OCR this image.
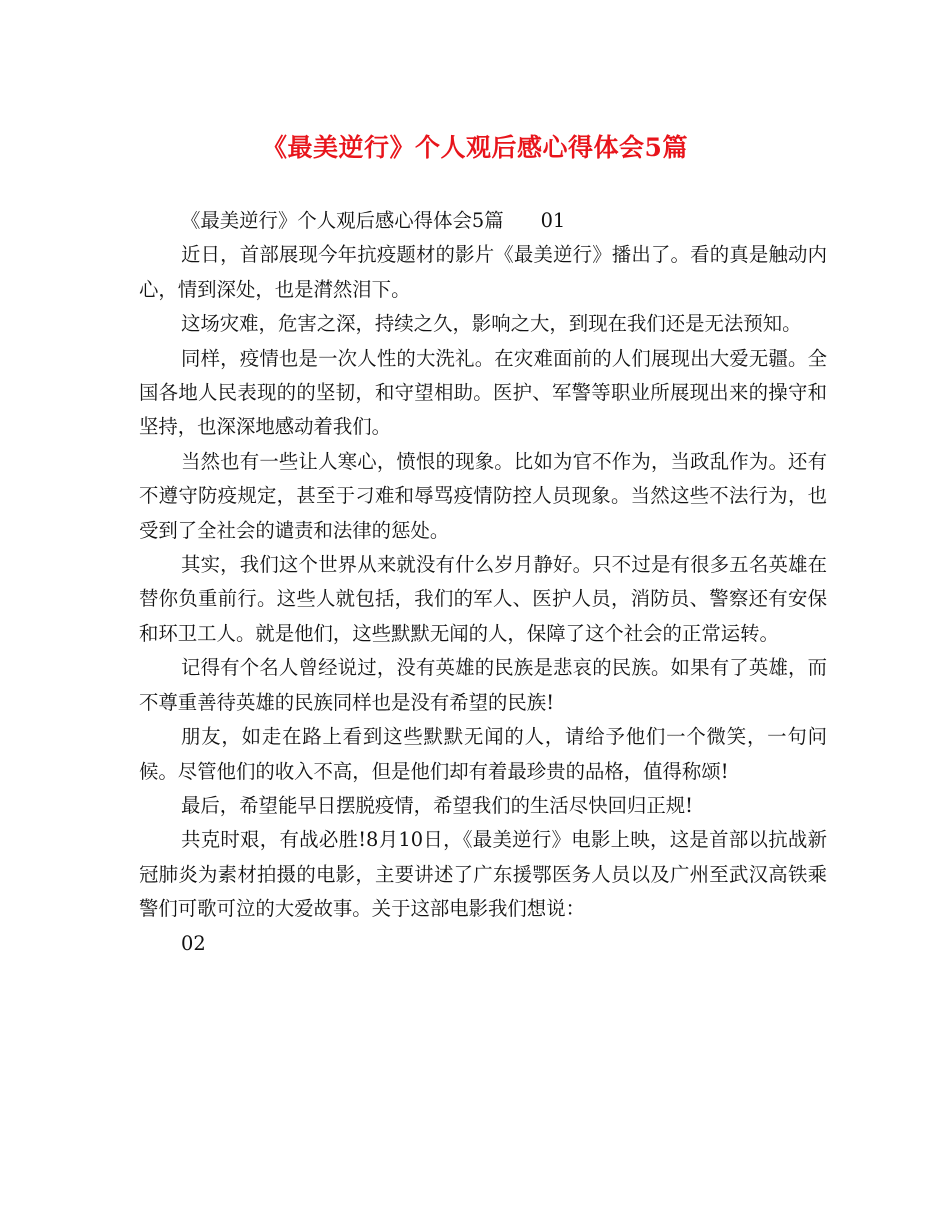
《最美逆行》个人观后感心得体会5篇

《最美逆行》个人观后感心得体会5篇      01

近日，首部展现今年抗疫题材的影片《最美逆行》播出了。看的真是触动内心，情到深处，也是潸然泪下。

这场灾难，危害之深，持续之久，影响之大，到现在我们还是无法预知。

同样，疫情也是一次人性的大洗礼。在灾难面前的人们展现出大爱无疆。全国各地人民表现的的坚韧，和守望相助。医护、军警等职业所展现出来的操守和坚持，也深深地感动着我们。

当然也有一些让人寒心，愤恨的现象。比如为官不作为，当政乱作为。还有不遵守防疫规定，甚至于刁难和辱骂疫情防控人员现象。当然这些不法行为，也受到了全社会的谴责和法律的惩处。

其实，我们这个世界从来就没有什么岁月静好。只不过是有很多五名英雄在替你负重前行。这些人就包括，我们的军人、医护人员，消防员、警察还有安保和环卫工人。就是他们，这些默默无闻的人，保障了这个社会的正常运转。

记得有个名人曾经说过，没有英雄的民族是悲哀的民族。如果有了英雄，而不尊重善待英雄的民族同样也是没有希望的民族!

朋友，如走在路上看到这些默默无闻的人，请给予他们一个微笑，一句问候。尽管他们的收入不高，但是他们却有着最珍贵的品格，值得称颂!

最后，希望能早日摆脱疫情，希望我们的生活尽快回归正规!

共克时艰，有战必胜!8月10日，《最美逆行》电影上映，这是首部以抗战新冠肺炎为素材拍摄的电影，主要讲述了广东援鄂医务人员以及广州至武汉高铁乘警们可歌可泣的大爱故事。关于这部电影我们想说：

02
